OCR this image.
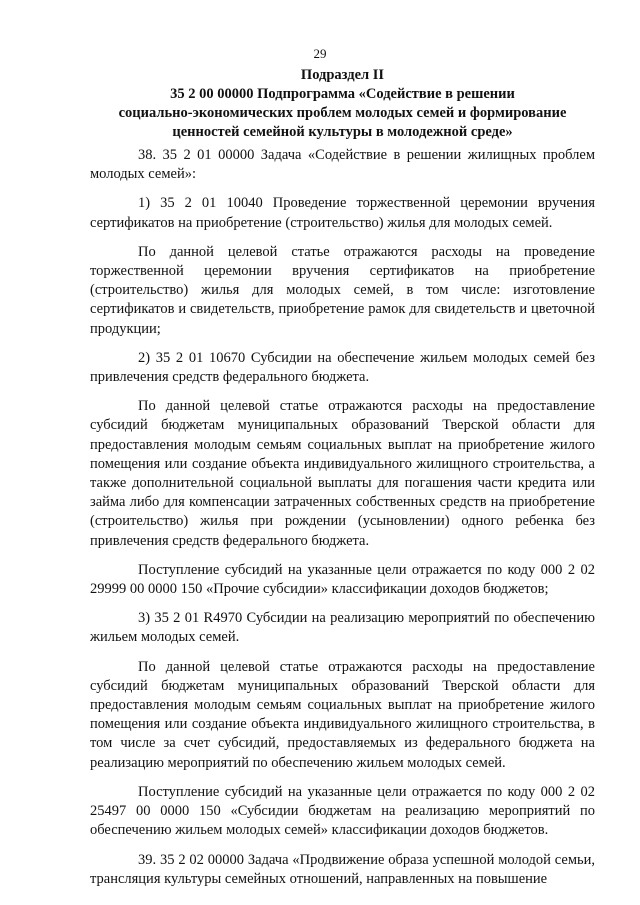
29
Подраздел II
35 2 00 00000 Подпрограмма «Содействие в решении
социально-экономических проблем молодых семей и формирование
ценностей семейной культуры в молодежной среде»

38. 35 2 01 00000 Задача «Содействие в решении жилищных проблем молодых семей»:

1) 35 2 01 10040 Проведение торжественной церемонии вручения сертификатов на приобретение (строительство) жилья для молодых семей.

По данной целевой статье отражаются расходы на проведение торжественной церемонии вручения сертификатов на приобретение (строительство) жилья для молодых семей, в том числе: изготовление сертификатов и свидетельств, приобретение рамок для свидетельств и цветочной продукции;

2) 35 2 01 10670 Субсидии на обеспечение жильем молодых семей без привлечения средств федерального бюджета.

По данной целевой статье отражаются расходы на предоставление субсидий бюджетам муниципальных образований Тверской области для предоставления молодым семьям социальных выплат на приобретение жилого помещения или создание объекта индивидуального жилищного строительства, а также дополнительной социальной выплаты для погашения части кредита или займа либо для компенсации затраченных собственных средств на приобретение (строительство) жилья при рождении (усыновлении) одного ребенка без привлечения средств федерального бюджета.

Поступление субсидий на указанные цели отражается по коду 000 2 02 29999 00 0000 150 «Прочие субсидии» классификации доходов бюджетов;

3) 35 2 01 R4970 Субсидии на реализацию мероприятий по обеспечению жильем молодых семей.

По данной целевой статье отражаются расходы на предоставление субсидий бюджетам муниципальных образований Тверской области для предоставления молодым семьям социальных выплат на приобретение жилого помещения или создание объекта индивидуального жилищного строительства, в том числе за счет субсидий, предоставляемых из федерального бюджета на реализацию мероприятий по обеспечению жильем молодых семей.

Поступление субсидий на указанные цели отражается по коду 000 2 02 25497 00 0000 150 «Субсидии бюджетам на реализацию мероприятий по обеспечению жильем молодых семей» классификации доходов бюджетов.

39. 35 2 02 00000 Задача «Продвижение образа успешной молодой семьи, трансляция культуры семейных отношений, направленных на повышение
